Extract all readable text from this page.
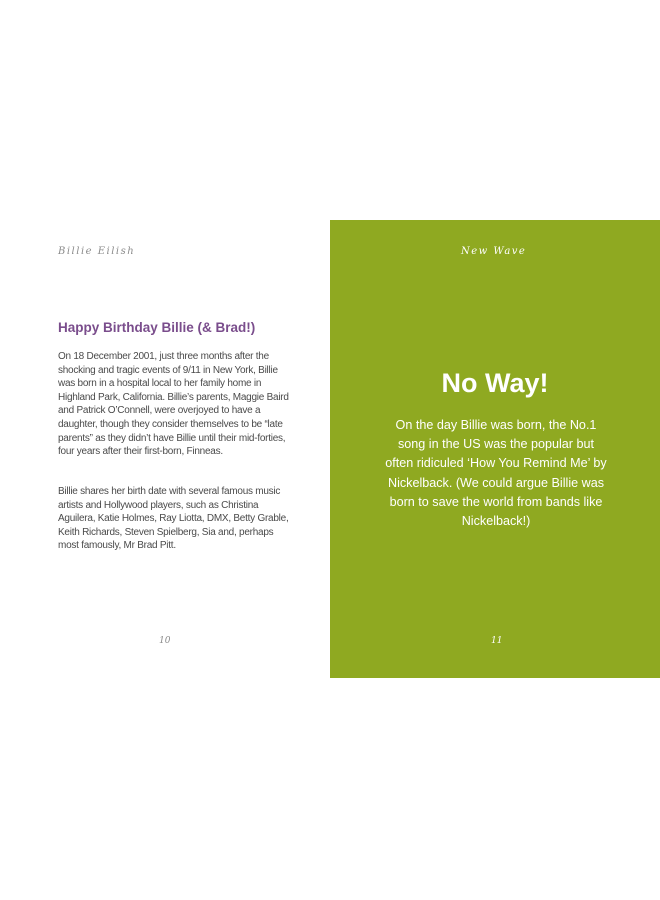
Billie Eilish
Happy Birthday Billie (& Brad!)

On 18 December 2001, just three months after the shocking and tragic events of 9/11 in New York, Billie was born in a hospital local to her family home in Highland Park, California. Billie’s parents, Maggie Baird and Patrick O’Connell, were overjoyed to have a daughter, though they consider themselves to be “late parents” as they didn’t have Billie until their mid-forties, four years after their first-born, Finneas.

Billie shares her birth date with several famous music artists and Hollywood players, such as Christina Aguilera, Katie Holmes, Ray Liotta, DMX, Betty Grable, Keith Richards, Steven Spielberg, Sia and, perhaps most famously, Mr Brad Pitt.

10
New Wave
No Way!

On the day Billie was born, the No.1 song in the US was the popular but often ridiculed ‘How You Remind Me’ by Nickelback. (We could argue Billie was born to save the world from bands like Nickelback!)

11
